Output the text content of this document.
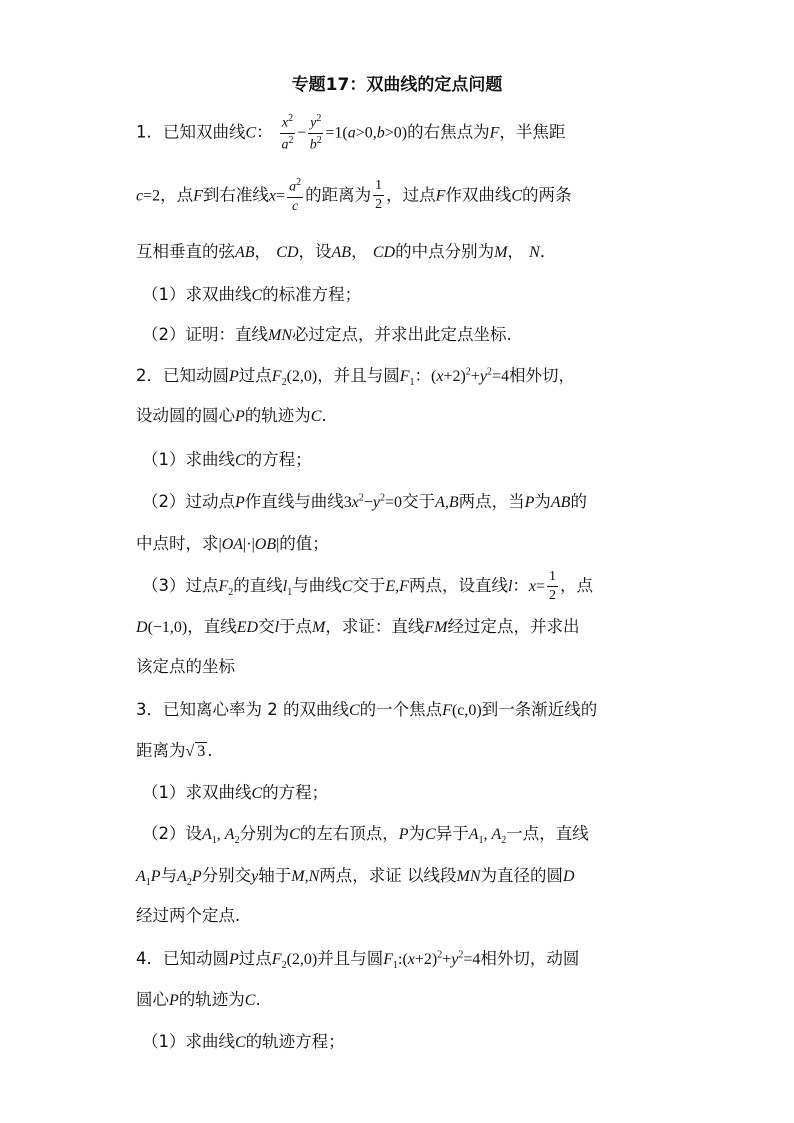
专题17：双曲线的定点问题
1．已知双曲线C： $\frac{x^2}{a^2} - \frac{y^2}{b^2} =1(a>0,b>0)$的右焦点为F，半焦距
c=2，点F到右准线$x= \frac{a^2}{c}$ 的距离为 $\frac{1}{2}$ ，过点F作双曲线C的两条
互相垂直的弦AB， CD，设AB， CD的中点分别为M， N．
（1）求双曲线C的标准方程；
（2）证明：直线MN必过定点，并求出此定点坐标.
2．已知动圆P过点$F_2(2,0)$，并且与圆$F_1$：$(x+2)^2+y^2=4$相外切，
设动圆的圆心P的轨迹为C．
（1）求曲线C的方程；
（2）过动点P作直线与曲线$3x^2-y^2=0$交于A,B两点，当P为AB的
中点时，求|OA|·|OB|的值；
（3）过点$F_2$的直线$l_1$与曲线C交于E,F两点，设直线l：$x= \frac{1}{2}$ ，点
D(−1,0)，直线ED交l于点M，求证：直线FM经过定点，并求出
该定点的坐标
3．已知离心率为 2 的双曲线C的一个焦点F(c,0)到一条渐近线的
距离为√ 3 .
（1）求双曲线C的方程；
（2）设$A_1$, $A_2$分别为C的左右顶点，P为C异于$A_1$, $A_2$一点，直线
$A_1P$与$A_2P$分别交y轴于M,N两点，求证 以线段MN为直径的圆D
经过两个定点.
4．已知动圆P过点$F_2(2,0)$并且与圆$F_1:(x+2)^2+y^2=4$相外切，动圆
圆心P的轨迹为C.
（1）求曲线C的轨迹方程；
